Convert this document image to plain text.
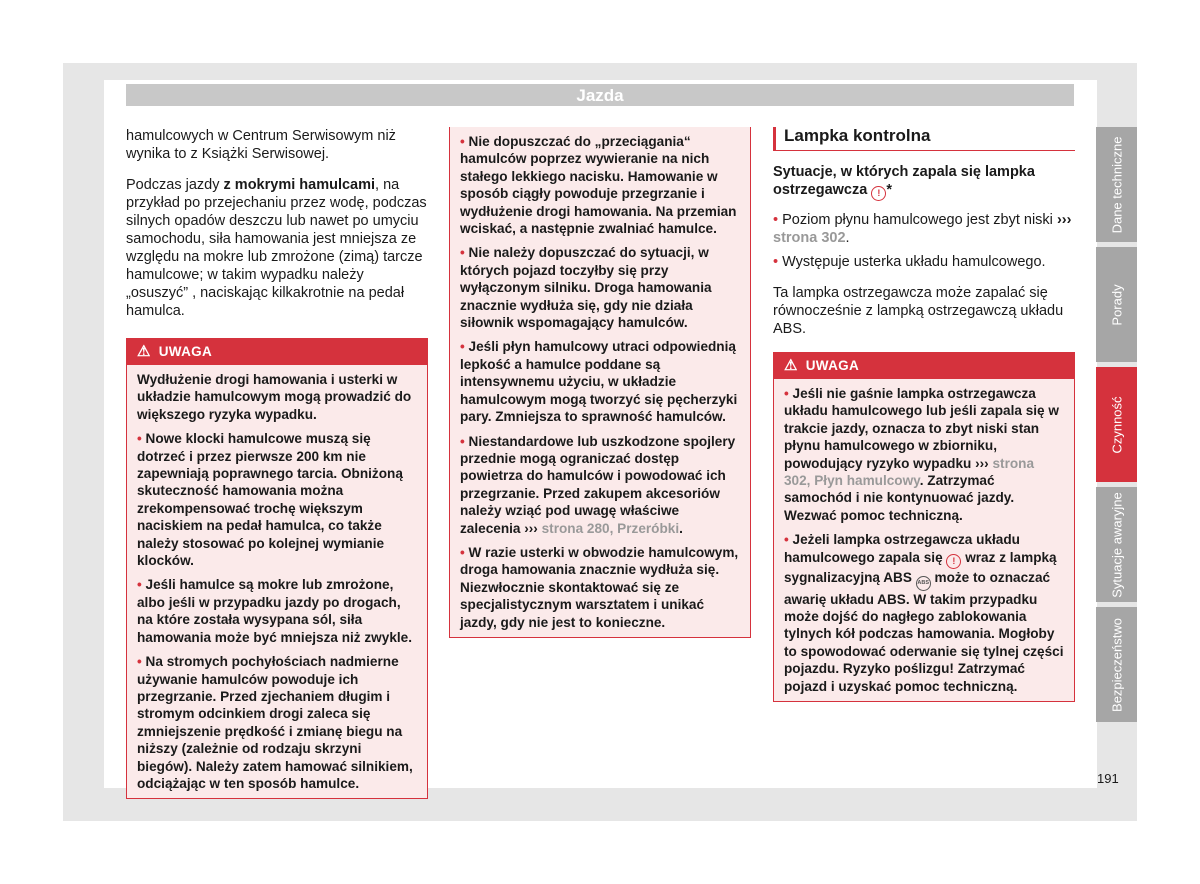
Jazda

hamulcowych w Centrum Serwisowym niż wynika to z Książki Serwisowej.

Podczas jazdy z mokrymi hamulcami, na przykład po przejechaniu przez wodę, podczas silnych opadów deszczu lub nawet po umyciu samochodu, siła hamowania jest mniejsza ze względu na mokre lub zmrożone (zimą) tarcze hamulcowe; w takim wypadku należy „osuszyć” , naciskając kilkakrotnie na pedał hamulca.

⚠ UWAGA

Wydłużenie drogi hamowania i usterki w układzie hamulcowym mogą prowadzić do większego ryzyka wypadku.

• Nowe klocki hamulcowe muszą się dotrzeć i przez pierwsze 200 km nie zapewniają poprawnego tarcia. Obniżoną skuteczność hamowania można zrekompensować trochę większym naciskiem na pedał hamulca, co także należy stosować po kolejnej wymianie klocków.

• Jeśli hamulce są mokre lub zmrożone, albo jeśli w przypadku jazdy po drogach, na które została wysypana sól, siła hamowania może być mniejsza niż zwykle.

• Na stromych pochyłościach nadmierne używanie hamulców powoduje ich przegrzanie. Przed zjechaniem długim i stromym odcinkiem drogi zaleca się zmniejszenie prędkość i zmianę biegu na niższy (zależnie od rodzaju skrzyni biegów). Należy zatem hamować silnikiem, odciążając w ten sposób hamulce.

• Nie dopuszczać do „przeciągania“ hamulców poprzez wywieranie na nich stałego lekkiego nacisku. Hamowanie w sposób ciągły powoduje przegrzanie i wydłużenie drogi hamowania. Na przemian wciskać, a następnie zwalniać hamulce.

• Nie należy dopuszczać do sytuacji, w których pojazd toczyłby się przy wyłączonym silniku. Droga hamowania znacznie wydłuża się, gdy nie działa siłownik wspomagający hamulców.

• Jeśli płyn hamulcowy utraci odpowiednią lepkość a hamulce poddane są intensywnemu użyciu, w układzie hamulcowym mogą tworzyć się pęcherzyki pary. Zmniejsza to sprawność hamulców.

• Niestandardowe lub uszkodzone spojlery przednie mogą ograniczać dostęp powietrza do hamulców i powodować ich przegrzanie. Przed zakupem akcesoriów należy wziąć pod uwagę właściwe zalecenia ››› strona 280, Przeróbki.

• W razie usterki w obwodzie hamulcowym, droga hamowania znacznie wydłuża się. Niezwłocznie skontaktować się ze specjalistycznym warsztatem i unikać jazdy, gdy nie jest to konieczne.

Lampka kontrolna
Sytuacje, w których zapala się lampka ostrzegawcza ! *

• Poziom płynu hamulcowego jest zbyt niski ››› strona 302.

• Występuje usterka układu hamulcowego.

Ta lampka ostrzegawcza może zapalać się równocześnie z lampką ostrzegawczą układu ABS.

⚠ UWAGA

• Jeśli nie gaśnie lampka ostrzegawcza układu hamulcowego lub jeśli zapala się w trakcie jazdy, oznacza to zbyt niski stan płynu hamulcowego w zbiorniku, powodujący ryzyko wypadku ››› strona 302, Płyn hamulcowy. Zatrzymać samochód i nie kontynuować jazdy. Wezwać pomoc techniczną.

• Jeżeli lampka ostrzegawcza układu hamulcowego zapala się ! wraz z lampką sygnalizacyjną ABS ABS może to oznaczać awarię układu ABS. W takim przypadku może dojść do nagłego zablokowania tylnych kół podczas hamowania. Mogłoby to spowodować oderwanie się tylnej części pojazdu. Ryzyko poślizgu! Zatrzymać pojazd i uzyskać pomoc techniczną.

Dane techniczne
Porady
Czynność
Sytuacje awaryjne
Bezpieczeństwo
191
